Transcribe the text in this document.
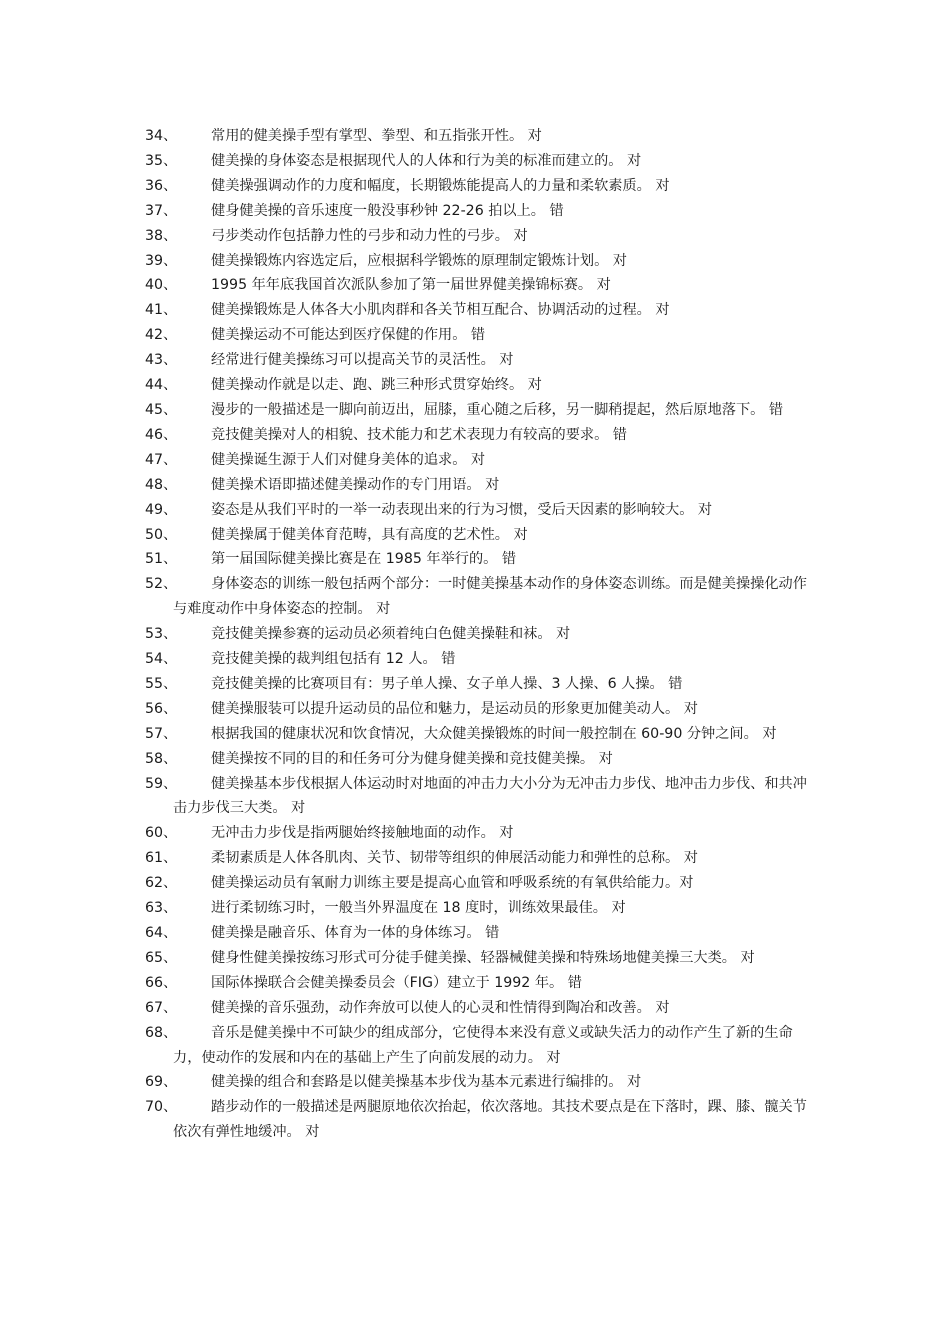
34、	常用的健美操手型有掌型、拳型、和五指张开性。 对
35、	健美操的身体姿态是根据现代人的人体和行为美的标准而建立的。 对
36、	健美操强调动作的力度和幅度，长期锻炼能提高人的力量和柔软素质。 对
37、	健身健美操的音乐速度一般没事秒钟 22-26 拍以上。 错
38、	弓步类动作包括静力性的弓步和动力性的弓步。 对
39、	健美操锻炼内容选定后，应根据科学锻炼的原理制定锻炼计划。 对
40、	1995 年年底我国首次派队参加了第一届世界健美操锦标赛。 对
41、	健美操锻炼是人体各大小肌肉群和各关节相互配合、协调活动的过程。 对
42、	健美操运动不可能达到医疗保健的作用。 错
43、	经常进行健美操练习可以提高关节的灵活性。 对
44、	健美操动作就是以走、跑、跳三种形式贯穿始终。 对
45、	漫步的一般描述是一脚向前迈出，屈膝，重心随之后移，另一脚稍提起，然后原地落下。 错
46、	竞技健美操对人的相貌、技术能力和艺术表现力有较高的要求。 错
47、	健美操诞生源于人们对健身美体的追求。 对
48、	健美操术语即描述健美操动作的专门用语。 对
49、	姿态是从我们平时的一举一动表现出来的行为习惯，受后天因素的影响较大。 对
50、	健美操属于健美体育范畴，具有高度的艺术性。 对
51、	第一届国际健美操比赛是在 1985 年举行的。 错
52、	身体姿态的训练一般包括两个部分：一时健美操基本动作的身体姿态训练。而是健美操操化动作与难度动作中身体姿态的控制。 对
53、	竞技健美操参赛的运动员必须着纯白色健美操鞋和袜。 对
54、	竞技健美操的裁判组包括有 12 人。 错
55、	竞技健美操的比赛项目有：男子单人操、女子单人操、3 人操、6 人操。 错
56、	健美操服装可以提升运动员的品位和魅力，是运动员的形象更加健美动人。 对
57、	根据我国的健康状况和饮食情况，大众健美操锻炼的时间一般控制在 60-90 分钟之间。 对
58、	健美操按不同的目的和任务可分为健身健美操和竞技健美操。 对
59、	健美操基本步伐根据人体运动时对地面的冲击力大小分为无冲击力步伐、地冲击力步伐、和共冲击力步伐三大类。 对
60、	无冲击力步伐是指两腿始终接触地面的动作。 对
61、	柔韧素质是人体各肌肉、关节、韧带等组织的伸展活动能力和弹性的总称。 对
62、	健美操运动员有氧耐力训练主要是提高心血管和呼吸系统的有氧供给能力。对
63、	进行柔韧练习时，一般当外界温度在 18 度时，训练效果最佳。 对
64、	健美操是融音乐、体育为一体的身体练习。 错
65、	健身性健美操按练习形式可分徒手健美操、轻器械健美操和特殊场地健美操三大类。 对
66、	国际体操联合会健美操委员会（FIG）建立于 1992 年。 错
67、	健美操的音乐强劲，动作奔放可以使人的心灵和性情得到陶冶和改善。 对
68、	音乐是健美操中不可缺少的组成部分，它使得本来没有意义或缺失活力的动作产生了新的生命力，使动作的发展和内在的基础上产生了向前发展的动力。 对
69、	健美操的组合和套路是以健美操基本步伐为基本元素进行编排的。 对
70、	踏步动作的一般描述是两腿原地依次抬起，依次落地。其技术要点是在下落时，踝、膝、髋关节依次有弹性地缓冲。 对
